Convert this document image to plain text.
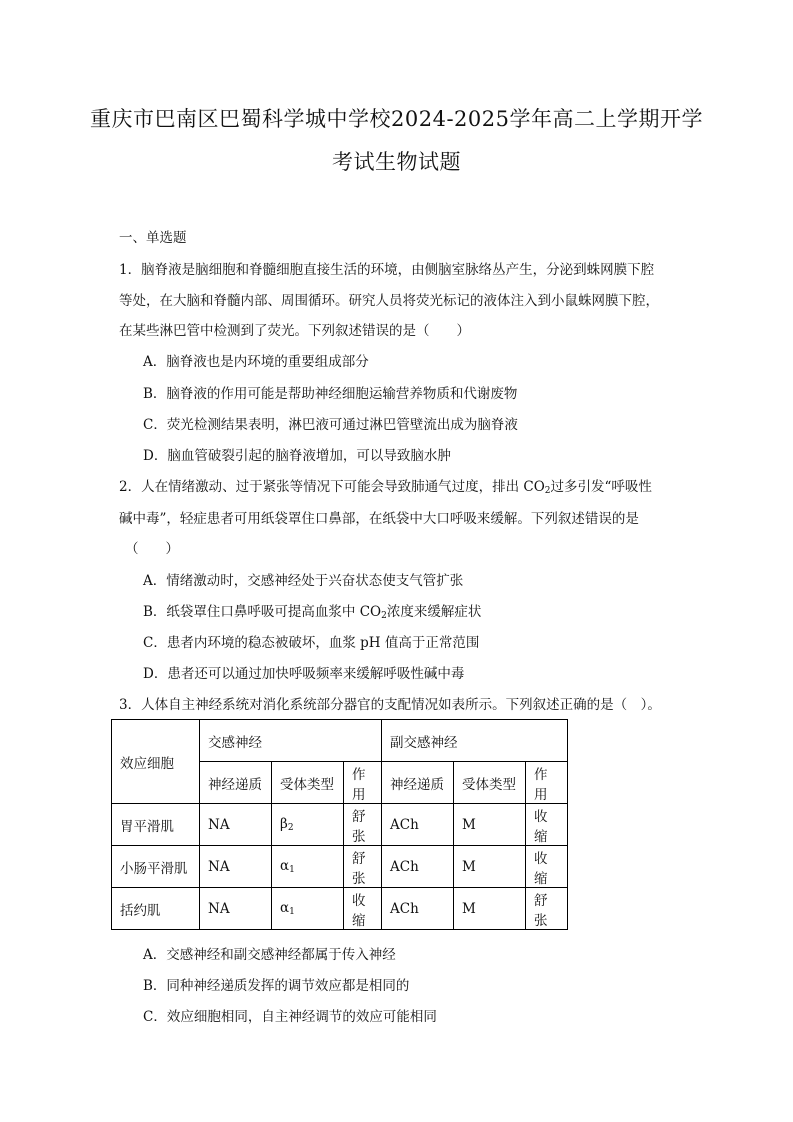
重庆市巴南区巴蜀科学城中学校2024-2025学年高二上学期开学
考试生物试题
一、单选题
1．脑脊液是脑细胞和脊髓细胞直接生活的环境，由侧脑室脉络丛产生，分泌到蛛网膜下腔
等处，在大脑和脊髓内部、周围循环。研究人员将荧光标记的液体注入到小鼠蛛网膜下腔，
在某些淋巴管中检测到了荧光。下列叙述错误的是（　　）
A．脑脊液也是内环境的重要组成部分
B．脑脊液的作用可能是帮助神经细胞运输营养物质和代谢废物
C．荧光检测结果表明，淋巴液可通过淋巴管壁流出成为脑脊液
D．脑血管破裂引起的脑脊液增加，可以导致脑水肿
2．人在情绪激动、过于紧张等情况下可能会导致肺通气过度，排出 $CO_2$过多引发“呼吸性
碱中毒”，轻症患者可用纸袋罩住口鼻部，在纸袋中大口呼吸来缓解。下列叙述错误的是
（　　）
A．情绪激动时，交感神经处于兴奋状态使支气管扩张
B．纸袋罩住口鼻呼吸可提高血浆中 $CO_2$浓度来缓解症状
C．患者内环境的稳态被破坏，血浆 pH 值高于正常范围
D．患者还可以通过加快呼吸频率来缓解呼吸性碱中毒
3．人体自主神经系统对消化系统部分器官的支配情况如表所示。下列叙述正确的是（　）。
效应细胞	交感神经			副交感神经		
	神经递质	受体类型	作用	神经递质	受体类型	作用
胃平滑肌	NA	$\beta_2$	舒张	ACh	M	收缩
小肠平滑肌	NA	$\alpha_1$	舒张	ACh	M	收缩
括约肌	NA	$\alpha_1$	收缩	ACh	M	舒张
A．交感神经和副交感神经都属于传入神经
B．同种神经递质发挥的调节效应都是相同的
C．效应细胞相同，自主神经调节的效应可能相同
